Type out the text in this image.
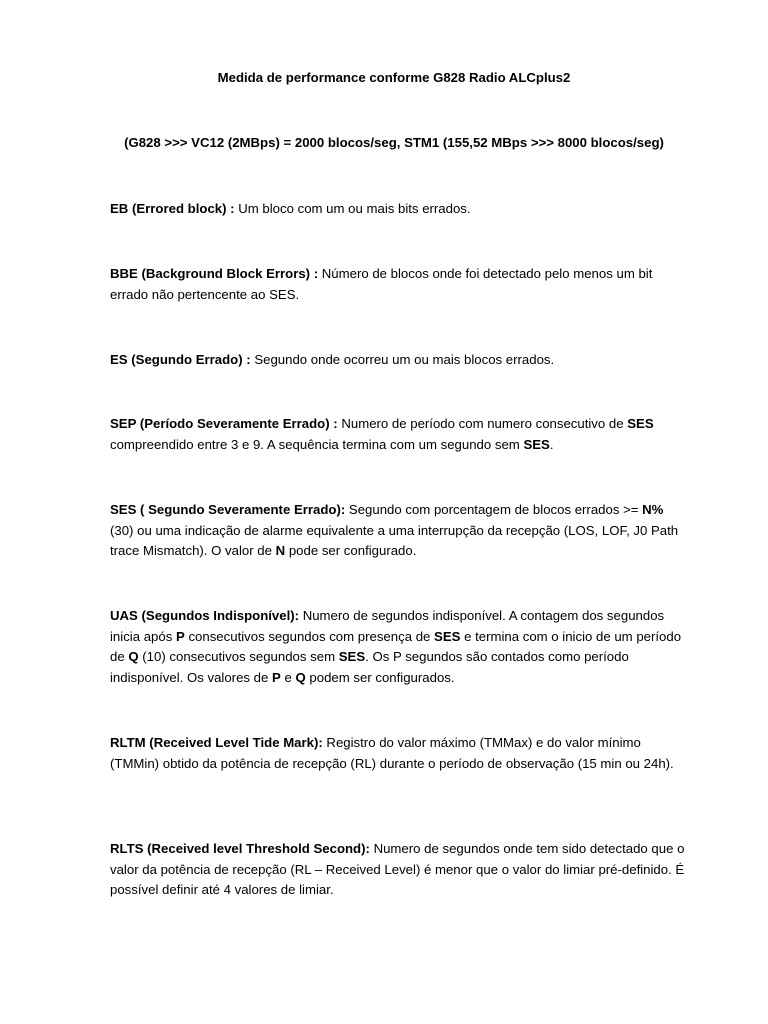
Medida de performance conforme G828 Radio ALCplus2

(G828 >>> VC12 (2MBps) = 2000 blocos/seg, STM1 (155,52 MBps >>> 8000 blocos/seg)

EB (Errored block) : Um bloco com um ou mais bits errados.

BBE (Background Block Errors) : Número de blocos onde foi detectado pelo menos um bit errado não pertencente ao SES.

ES (Segundo Errado) : Segundo onde ocorreu um ou mais blocos errados.

SEP (Período Severamente Errado) : Numero de período com numero consecutivo de SES compreendido entre 3 e 9. A sequência termina com um segundo sem SES.

SES ( Segundo Severamente Errado): Segundo com porcentagem de blocos errados >= N% (30) ou uma indicação de alarme equivalente a uma interrupção da recepção (LOS, LOF, J0 Path trace Mismatch). O valor de N pode ser configurado.

UAS (Segundos Indisponível): Numero de segundos indisponível. A contagem dos segundos inicia após P consecutivos segundos com presença de SES e termina com o inicio de um período de Q (10) consecutivos segundos sem SES. Os P segundos são contados como período indisponível. Os valores de P e Q podem ser configurados.

RLTM (Received Level Tide Mark): Registro do valor máximo (TMMax) e do valor mínimo (TMMin) obtido da potência de recepção (RL) durante o período de observação (15 min ou 24h).

RLTS (Received level Threshold Second): Numero de segundos onde tem sido detectado que o valor da potência de recepção (RL – Received Level) é menor que o valor do limiar pré-definido. É possível definir até 4 valores de limiar.
